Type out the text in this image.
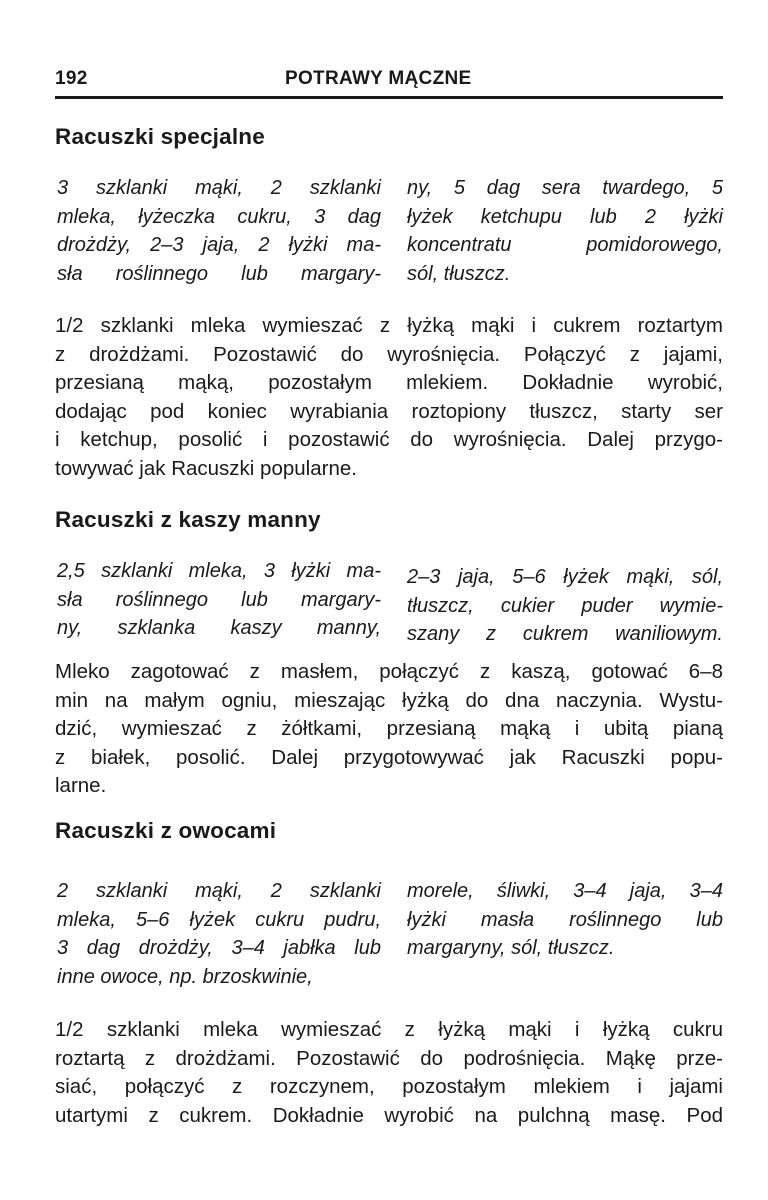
192	POTRAWY MĄCZNE
Racuszki specjalne
3 szklanki mąki, 2 szklanki
mleka, łyżeczka cukru, 3 dag
drożdży, 2–3 jaja, 2 łyżki ma-
sła roślinnego lub margary-
ny, 5 dag sera twardego, 5
łyżek ketchupu lub 2 łyżki
koncentratu pomidorowego,
sól, tłuszcz.
1/2 szklanki mleka wymieszać z łyżką mąki i cukrem roztartym
z drożdżami. Pozostawić do wyrośnięcia. Połączyć z jajami,
przesianą mąką, pozostałym mlekiem. Dokładnie wyrobić,
dodając pod koniec wyrabiania roztopiony tłuszcz, starty ser
i ketchup, posolić i pozostawić do wyrośnięcia. Dalej przygo-
towywać jak Racuszki popularne.
Racuszki z kaszy manny
2,5 szklanki mleka, 3 łyżki ma-
sła roślinnego lub margary-
ny, szklanka kaszy manny,
2–3 jaja, 5–6 łyżek mąki, sól,
tłuszcz, cukier puder wymie-
szany z cukrem waniliowym.
Mleko zagotować z masłem, połączyć z kaszą, gotować 6–8
min na małym ogniu, mieszając łyżką do dna naczynia. Wystu-
dzić, wymieszać z żółtkami, przesianą mąką i ubitą pianą
z białek, posolić. Dalej przygotowywać jak Racuszki popu-
larne.
Racuszki z owocami
2 szklanki mąki, 2 szklanki
mleka, 5–6 łyżek cukru pudru,
3 dag drożdży, 3–4 jabłka lub
inne owoce, np. brzoskwinie,
morele, śliwki, 3–4 jaja, 3–4
łyżki masła roślinnego lub
margaryny, sól, tłuszcz.
1/2 szklanki mleka wymieszać z łyżką mąki i łyżką cukru
roztartą z drożdżami. Pozostawić do podrośnięcia. Mąkę prze-
siać, połączyć z rozczynem, pozostałym mlekiem i jajami
utartymi z cukrem. Dokładnie wyrobić na pulchną masę. Pod
